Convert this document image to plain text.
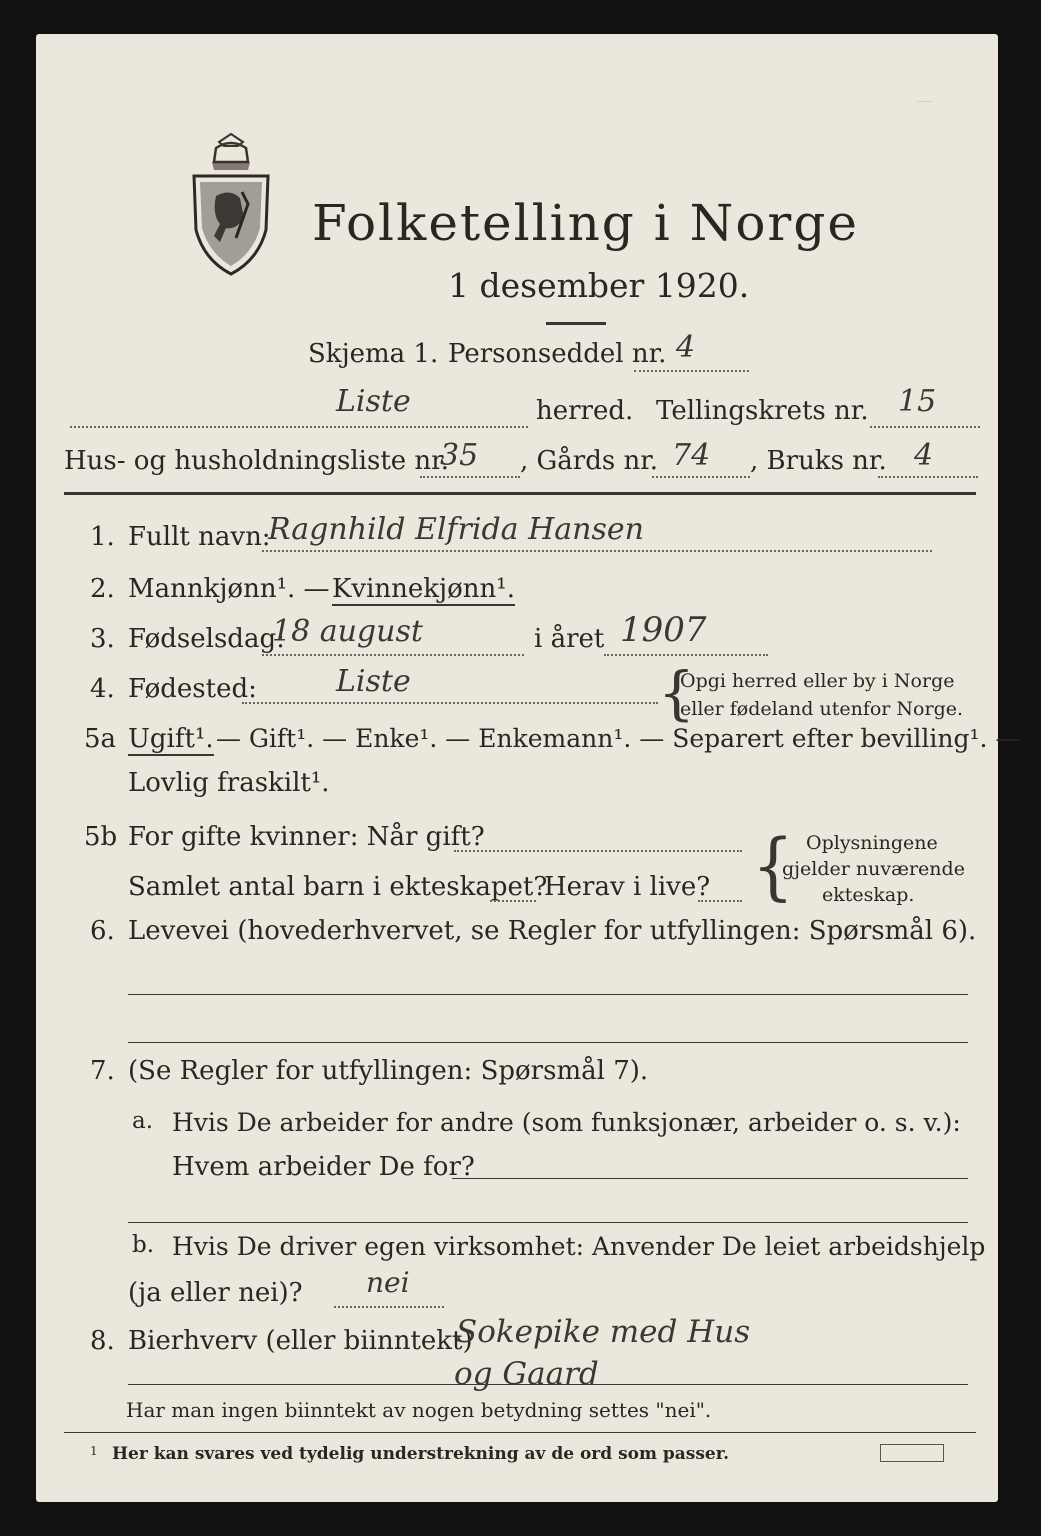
—
Folketelling i Norge
1 desember 1920.
Skjema 1. Personseddel nr. 4
Liste	herred. Tellingskrets nr. 15
Hus- og husholdningsliste nr.
35 , Gårds nr. 74 , Bruks nr. 4
1. Fullt navn:
Ragnhild Elfrida Hansen
2. Mannkjønn¹. — Kvinnekjønn¹.
3. Fødselsdag:
18 august	i året 1907
4. Fødested:	Liste	{
Opgi herred eller by i Norge
eller fødeland utenfor Norge.
5a Ugift¹. — Gift¹. — Enke¹. — Enkemann¹. — Separert efter bevilling¹. —
Lovlig fraskilt¹.
5b For gifte kvinner: Når gift?
Samlet antal barn i ekteskapet?
Herav i live? { Oplysningene
gjelder nuværende
ekteskap.
6. Levevei (hovederhvervet, se Regler for utfyllingen: Spørsmål 6).
7. (Se Regler for utfyllingen: Spørsmål 7).
a. Hvis De arbeider for andre (som funksjonær, arbeider o. s. v.):
Hvem arbeider De for?
b. Hvis De driver egen virksomhet: Anvender De leiet arbeidshjelp
(ja eller nei)? nei
8. Bierhverv (eller biinntekt)
Sokepike med Hus
og Gaard
Har man ingen biinntekt av nogen betydning settes "nei".
1 Her kan svares ved tydelig understrekning av de ord som passer.
